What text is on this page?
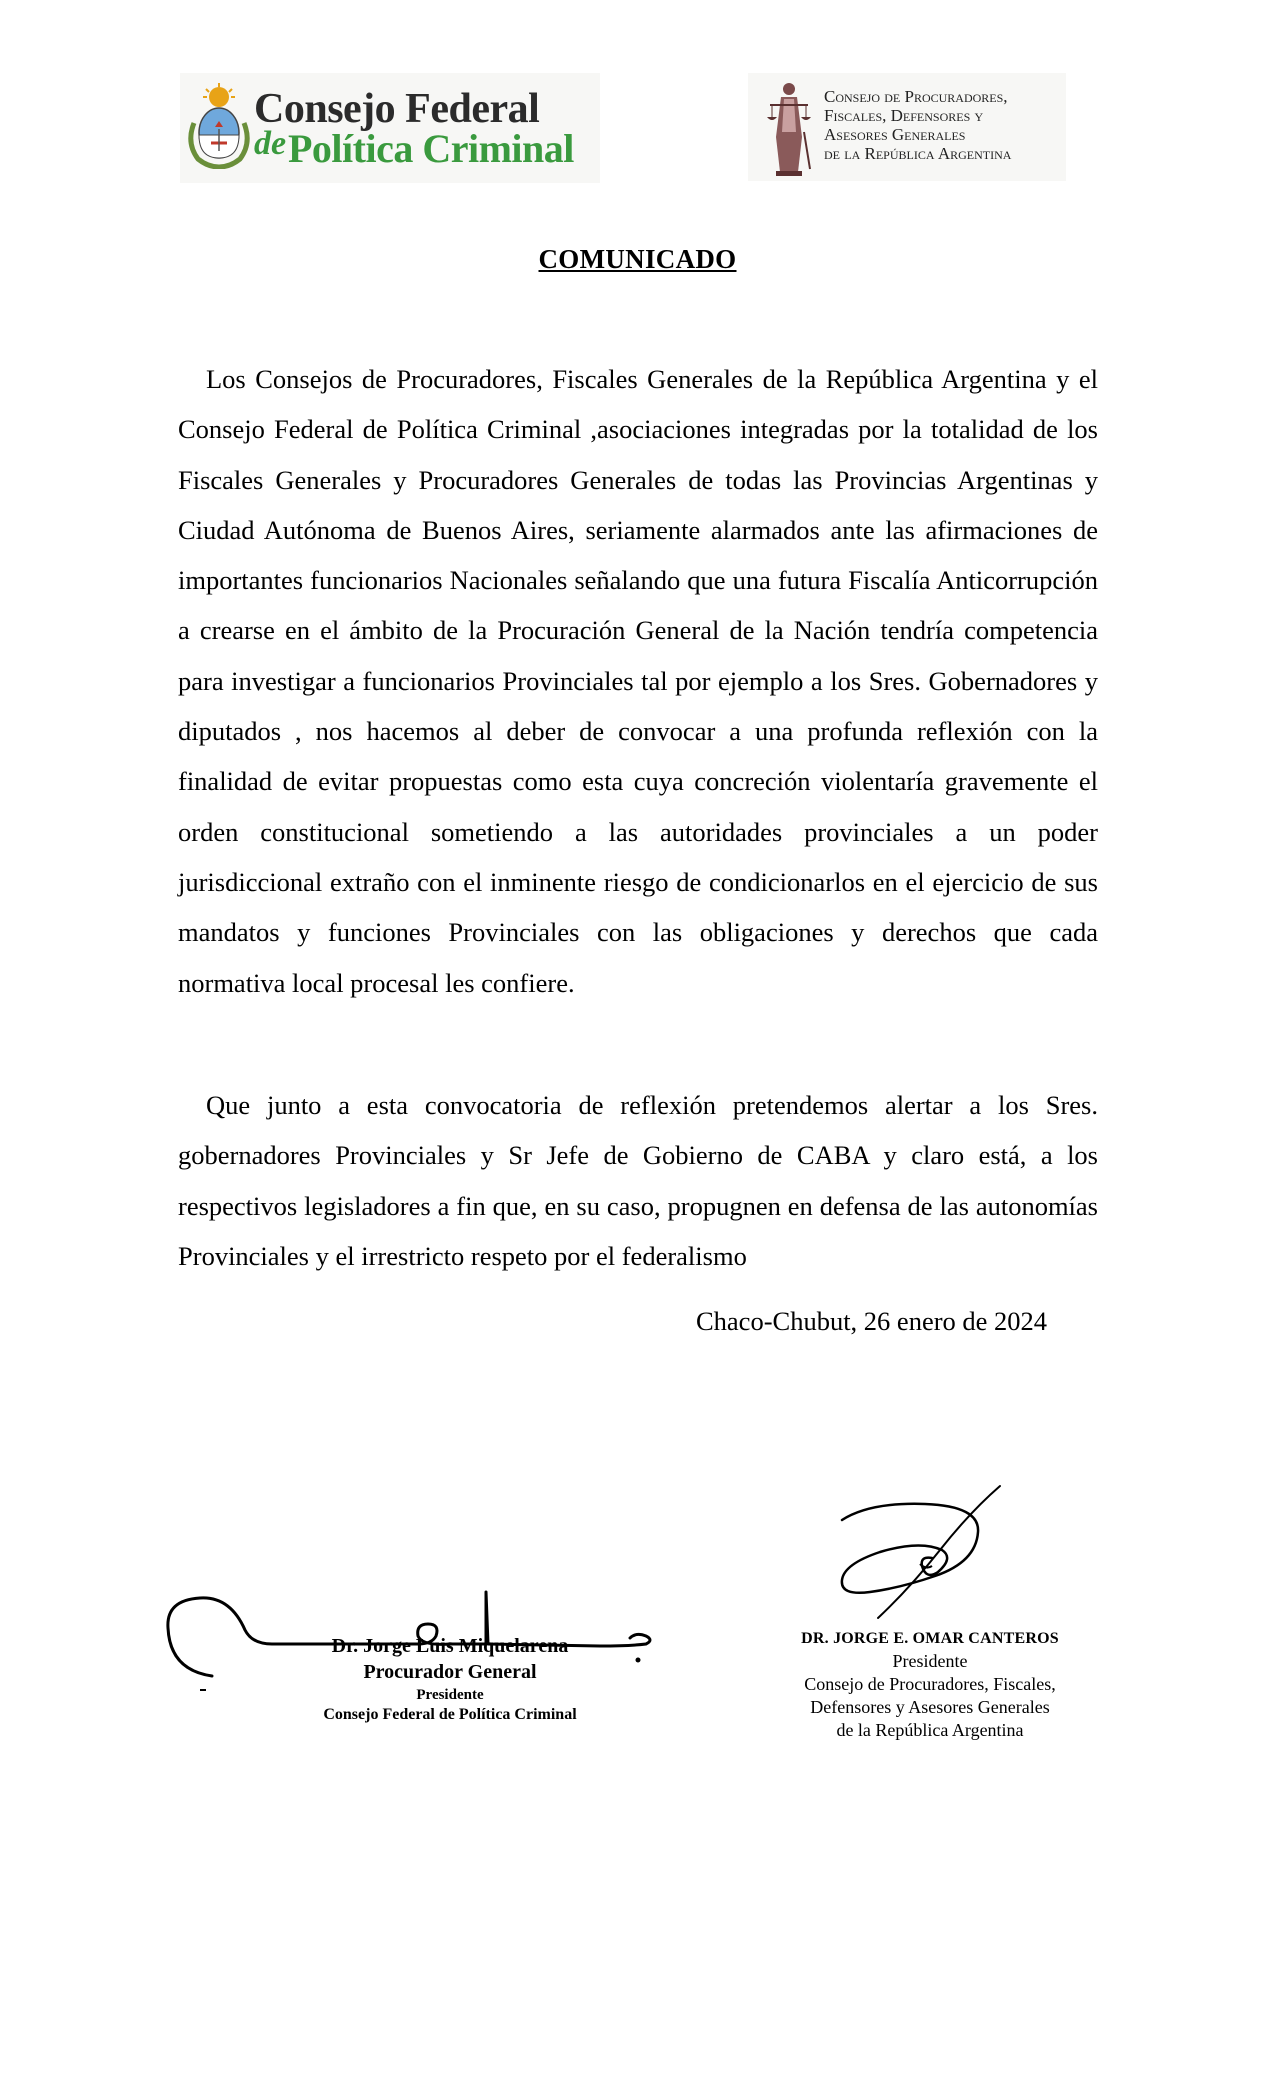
Consejo Federal
de Política Criminal
Consejo de Procuradores,
Fiscales, Defensores y
Asesores Generales
de la República Argentina
COMUNICADO

Los Consejos de Procuradores, Fiscales Generales de la República Argentina y el Consejo Federal de Política Criminal ,asociaciones integradas por la totalidad de los Fiscales Generales y Procuradores Generales de todas las Provincias Argentinas y Ciudad Autónoma de Buenos Aires, seriamente alarmados ante las afirmaciones de importantes funcionarios Nacionales señalando que una futura Fiscalía Anticorrupción a crearse en el ámbito de la Procuración General de la Nación tendría competencia para investigar a funcionarios Provinciales tal por ejemplo a los Sres. Gobernadores y diputados , nos hacemos al deber de convocar a una profunda reflexión con la finalidad de evitar propuestas como esta cuya concreción violentaría gravemente el orden constitucional sometiendo a las autoridades provinciales a un poder jurisdiccional extraño con el inminente riesgo de condicionarlos en el ejercicio de sus mandatos y funciones Provinciales con las obligaciones y derechos que cada normativa local procesal les confiere.

Que junto a esta convocatoria de reflexión pretendemos alertar a los Sres. gobernadores Provinciales y Sr Jefe de Gobierno de CABA y claro está, a los respectivos legisladores a fin que, en su caso, propugnen en defensa de las autonomías Provinciales y el irrestricto respeto por el federalismo

Chaco-Chubut, 26 enero de 2024
Dr. Jorge Luis Miquelarena
Procurador General
Presidente
Consejo Federal de Política Criminal
DR. JORGE E. OMAR CANTEROS
Presidente
Consejo de Procuradores, Fiscales,
Defensores y Asesores Generales
de la República Argentina
